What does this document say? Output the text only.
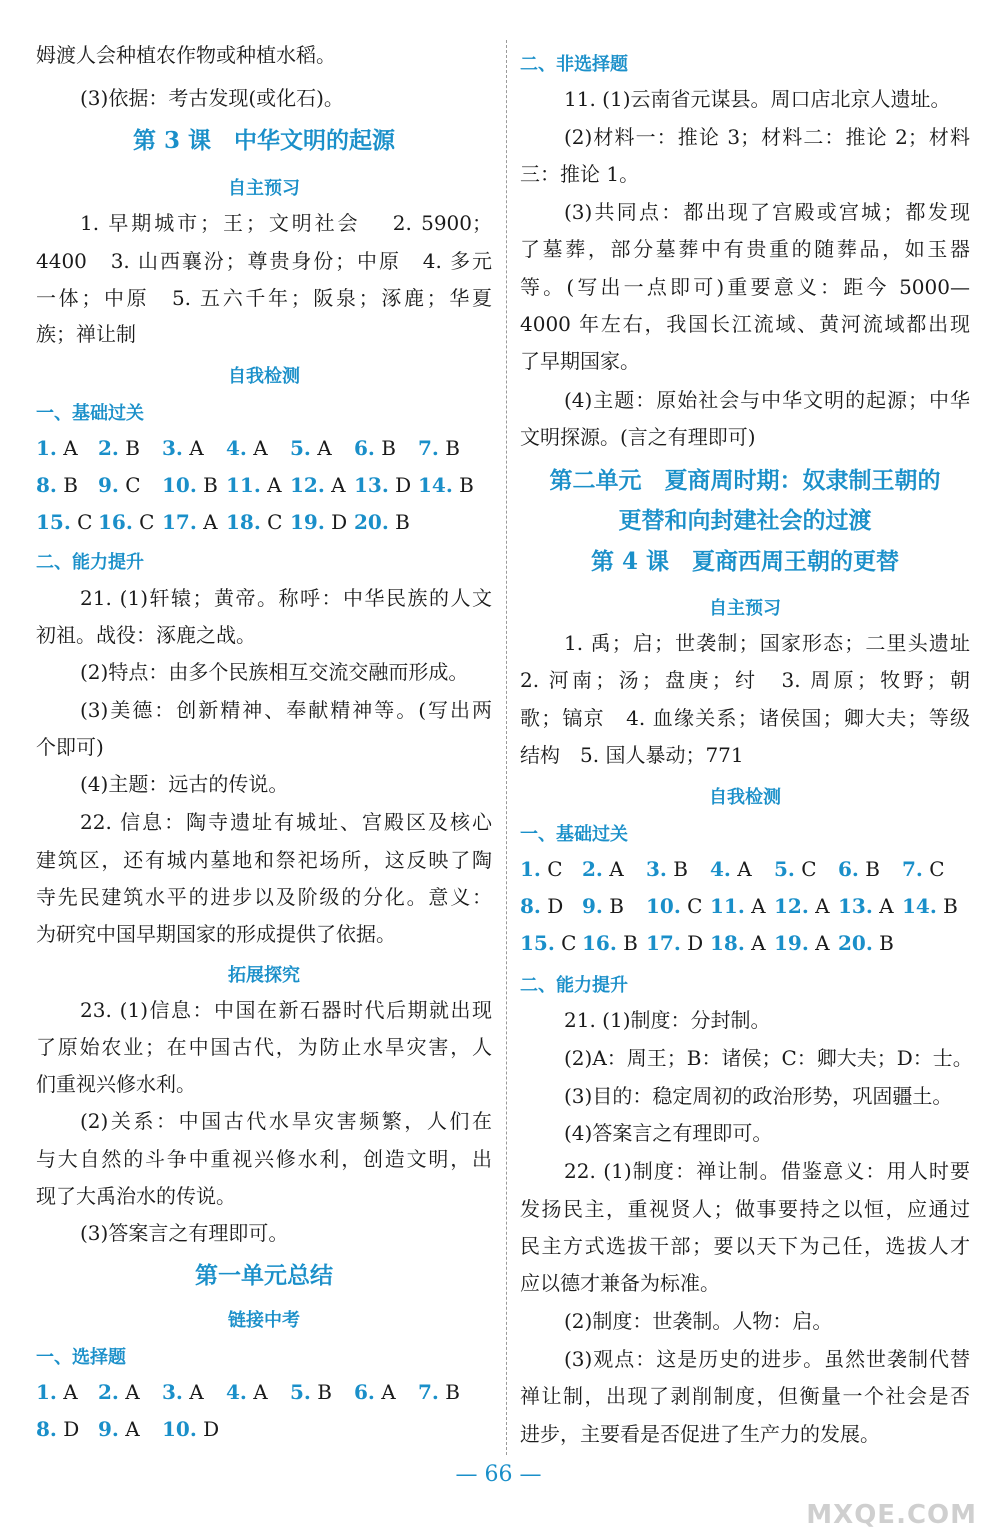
姆渡人会种植农作物或种植水稻。
(3)依据：考古发现(或化石)。
第 3 课　中华文明的起源
自主预习
1. 早期城市；王；文明社会　 2. 5900；
4400　3. 山西襄汾；尊贵身份；中原　4. 多元
一体；中原　5. 五六千年；阪泉；涿鹿；华夏
族；禅让制
自我检测
一、基础过关
1. A 2. B 3. A 4. A 5. A 6. B 7. B
8. B 9. C 10. B 11. A 12. A 13. D 14. B
15. C 16. C 17. A 18. C 19. D 20. B
二、能力提升
21. (1)轩辕；黄帝。称呼：中华民族的人文
初祖。战役：涿鹿之战。
(2)特点：由多个民族相互交流交融而形成。
(3)美德：创新精神、奉献精神等。(写出两
个即可)
(4)主题：远古的传说。
22. 信息：陶寺遗址有城址、宫殿区及核心
建筑区，还有城内墓地和祭祀场所，这反映了陶
寺先民建筑水平的进步以及阶级的分化。意义：
为研究中国早期国家的形成提供了依据。
拓展探究
23. (1)信息：中国在新石器时代后期就出现
了原始农业；在中国古代，为防止水旱灾害，人
们重视兴修水利。
(2)关系：中国古代水旱灾害频繁，人们在
与大自然的斗争中重视兴修水利，创造文明，出
现了大禹治水的传说。
(3)答案言之有理即可。
第一单元总结
链接中考
一、选择题
1. A 2. A 3. A 4. A 5. B 6. A 7. B
8. D 9. A 10. D
二、非选择题
11. (1)云南省元谋县。周口店北京人遗址。
(2)材料一：推论 3；材料二：推论 2；材料
三：推论 1。
(3)共同点：都出现了宫殿或宫城；都发现
了墓葬，部分墓葬中有贵重的随葬品，如玉器
等。(写出一点即可)重要意义：距今 5000—
4000 年左右，我国长江流域、黄河流域都出现
了早期国家。
(4)主题：原始社会与中华文明的起源；中华
文明探源。(言之有理即可)
第二单元　夏商周时期：奴隶制王朝的
更替和向封建社会的过渡
第 4 课　夏商西周王朝的更替
自主预习
1. 禹；启；世袭制；国家形态；二里头遗址
2. 河南；汤；盘庚；纣　3. 周原；牧野；朝
歌；镐京　4. 血缘关系；诸侯国；卿大夫；等级
结构　5. 国人暴动；771
自我检测
一、基础过关
1. C 2. A 3. B 4. A 5. C 6. B 7. C
8. D 9. B 10. C 11. A 12. A 13. A 14. B
15. C 16. B 17. D 18. A 19. A 20. B
二、能力提升
21. (1)制度：分封制。
(2)A：周王；B：诸侯；C：卿大夫；D：士。
(3)目的：稳定周初的政治形势，巩固疆土。
(4)答案言之有理即可。
22. (1)制度：禅让制。借鉴意义：用人时要
发扬民主，重视贤人；做事要持之以恒，应通过
民主方式选拔干部；要以天下为己任，选拔人才
应以德才兼备为标准。
(2)制度：世袭制。人物：启。
(3)观点：这是历史的进步。虽然世袭制代替
禅让制，出现了剥削制度，但衡量一个社会是否
进步，主要看是否促进了生产力的发展。
— 66 —
MXQE.COM
